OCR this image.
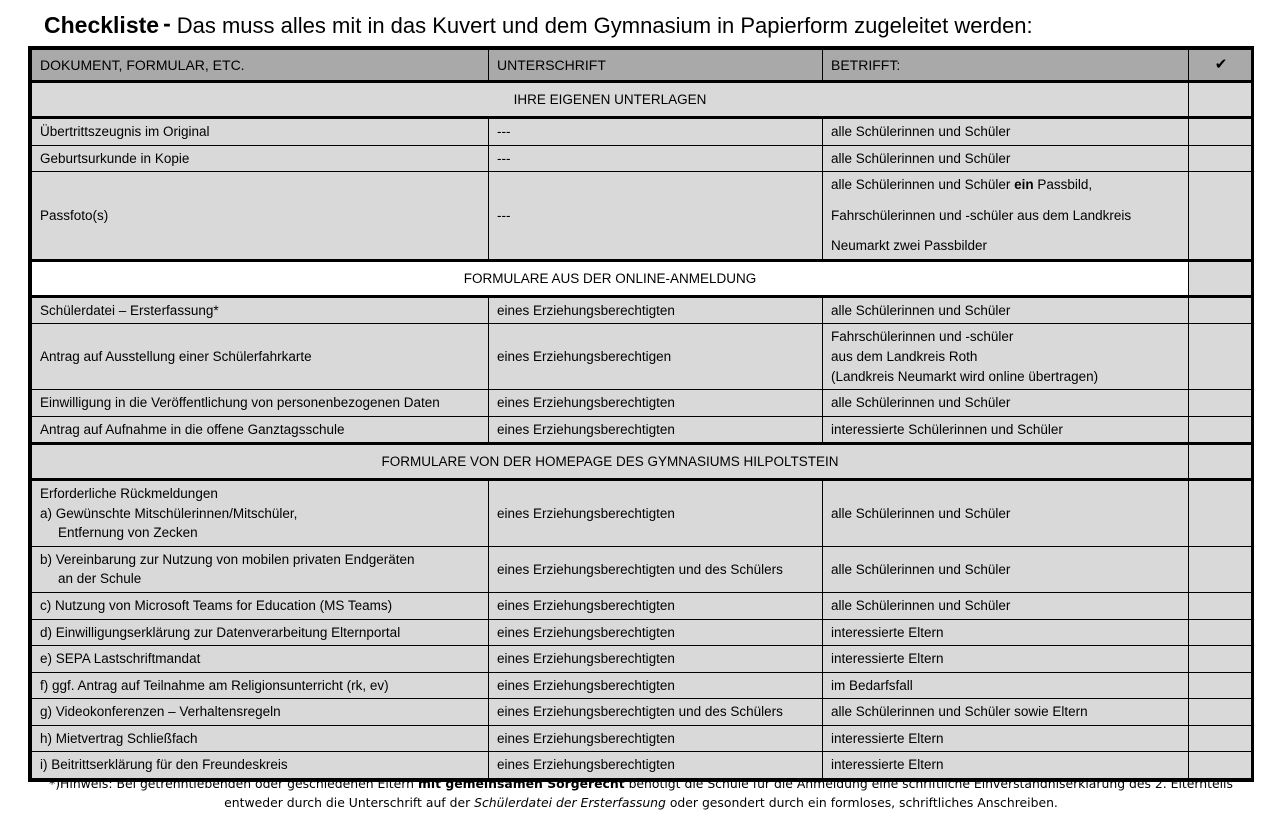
Checkliste - Das muss alles mit in das Kuvert und dem Gymnasium in Papierform zugeleitet werden:
DOKUMENT, FORMULAR, ETC.	UNTERSCHRIFT	BETRIFFT:	✔
IHRE EIGENEN UNTERLAGEN			
Übertrittszeugnis im Original	---	alle Schülerinnen und Schüler	
Geburtsurkunde in Kopie	---	alle Schülerinnen und Schüler	
Passfoto(s)	---	alle Schülerinnen und Schüler ein Passbild,
Fahrschülerinnen und -schüler aus dem Landkreis
Neumarkt zwei Passbilder	

FORMULARE AUS DER ONLINE-ANMELDUNG			
Schülerdatei – Ersterfassung*	eines Erziehungsberechtigten	alle Schülerinnen und Schüler	
Antrag auf Ausstellung einer Schülerfahrkarte	eines Erziehungsberechtigen	Fahrschülerinnen und -schüler
aus dem Landkreis Roth
(Landkreis Neumarkt wird online übertragen)	

Einwilligung in die Veröffentlichung von personenbezogenen Daten	eines Erziehungsberechtigten	alle Schülerinnen und Schüler	
Antrag auf Aufnahme in die offene Ganztagsschule	eines Erziehungsberechtigten	interessierte Schülerinnen und Schüler	
FORMULARE VON DER HOMEPAGE DES GYMNASIUMS HILPOLTSTEIN			

Erforderliche Rückmeldungen
a) Gewünschte Mitschülerinnen/Mitschüler,
Entfernung von Zecken	eines Erziehungsberechtigten	alle Schülerinnen und Schüler	

b) Vereinbarung zur Nutzung von mobilen privaten Endgeräten
an der Schule	eines Erziehungsberechtigten und des Schülers	alle Schülerinnen und Schüler	
c) Nutzung von Microsoft Teams for Education (MS Teams)	eines Erziehungsberechtigten	alle Schülerinnen und Schüler	
d) Einwilligungserklärung zur Datenverarbeitung Elternportal	eines Erziehungsberechtigten	interessierte Eltern	
e) SEPA Lastschriftmandat	eines Erziehungsberechtigten	interessierte Eltern	
f) ggf. Antrag auf Teilnahme am Religionsunterricht (rk, ev)	eines Erziehungsberechtigten	im Bedarfsfall	
g) Videokonferenzen – Verhaltensregeln	eines Erziehungsberechtigten und des Schülers	alle Schülerinnen und Schüler sowie Eltern	
h) Mietvertrag Schließfach	eines Erziehungsberechtigten	interessierte Eltern	
i) Beitrittserklärung für den Freundeskreis	eines Erziehungsberechtigten	interessierte Eltern	
*)Hinweis: Bei getrenntlebenden oder geschiedenen Eltern mit gemeinsamen Sorgerecht benötigt die Schule für die Anmeldung eine schriftliche Einverständniserklärung des 2. Elternteils
entweder durch die Unterschrift auf der Schülerdatei der Ersterfassung oder gesondert durch ein formloses, schriftliches Anschreiben.
